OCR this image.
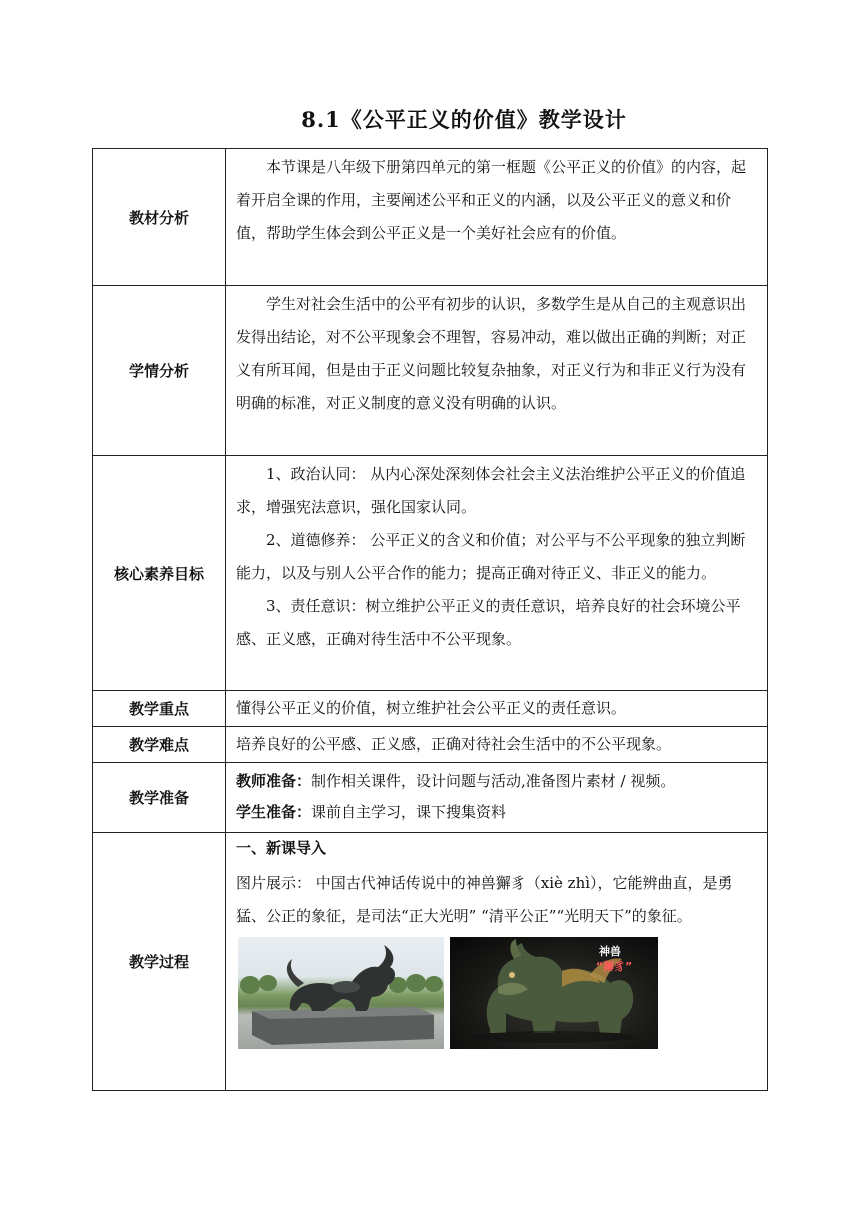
8.1《公平正义的价值》教学设计
教材分析	本节课是八年级下册第四单元的第一框题《公平正义的价值》的内容，起着开启全课的作用，主要阐述公平和正义的内涵，以及公平正义的意义和价值，帮助学生体会到公平正义是一个美好社会应有的价值。

学情分析	学生对社会生活中的公平有初步的认识，多数学生是从自己的主观意识出发得出结论，对不公平现象会不理智，容易冲动，难以做出正确的判断；对正义有所耳闻，但是由于正义问题比较复杂抽象，对正义行为和非正义行为没有明确的标准，对正义制度的意义没有明确的认识。

核心素养目标	1、政治认同： 从内心深处深刻体会社会主义法治维护公平正义的价值追求，增强宪法意识，强化国家认同。

2、道德修养： 公平正义的含义和价值；对公平与不公平现象的独立判断能力，以及与别人公平合作的能力；提高正确对待正义、非正义的能力。

3、责任意识：树立维护公平正义的责任意识，培养良好的社会环境公平感、正义感，正确对待生活中不公平现象。

教学重点	懂得公平正义的价值，树立维护社会公平正义的责任意识。

教学难点	培养良好的公平感、正义感，正确对待社会生活中的不公平现象。

教学准备	教师准备：制作相关课件，设计问题与活动,准备图片素材 / 视频。

学生准备：课前自主学习，课下搜集资料

教学过程	一、新课导入

图片展示： 中国古代神话传说中的神兽獬豸（xiè zhì），它能辨曲直，是勇猛、公正的象征，是司法“正大光明” “清平公正”“光明天下”的象征。

神兽
“獬豸”
